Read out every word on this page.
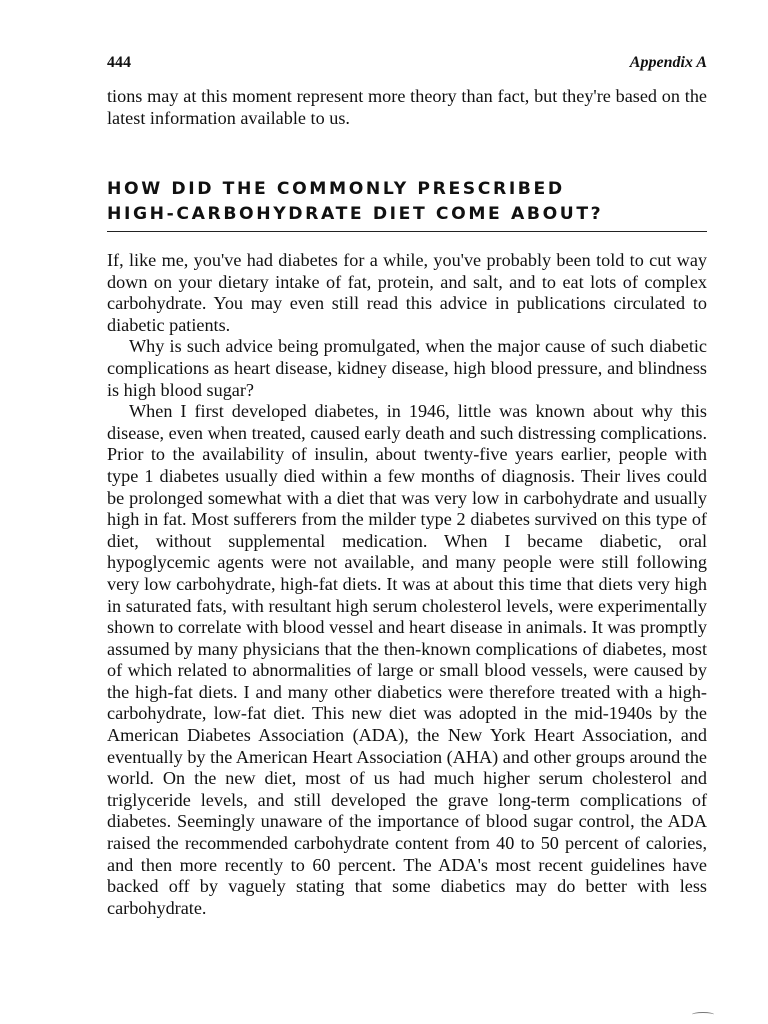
444	Appendix A
tions may at this moment represent more theory than fact, but they're based on the latest information available to us.
HOW DID THE COMMONLY PRESCRIBED
HIGH-CARBOHYDRATE DIET COME ABOUT?

If, like me, you've had diabetes for a while, you've probably been told to cut way down on your dietary intake of fat, protein, and salt, and to eat lots of complex carbohydrate. You may even still read this advice in publications circulated to diabetic patients.

Why is such advice being promulgated, when the major cause of such diabetic complications as heart disease, kidney disease, high blood pressure, and blindness is high blood sugar?

When I first developed diabetes, in 1946, little was known about why this disease, even when treated, caused early death and such distressing complications. Prior to the availability of insulin, about twenty-five years earlier, people with type 1 diabetes usually died within a few months of diagnosis. Their lives could be prolonged somewhat with a diet that was very low in carbohydrate and usually high in fat. Most sufferers from the milder type 2 diabetes survived on this type of diet, without supplemental medication. When I became diabetic, oral hypoglycemic agents were not available, and many people were still following very low carbohydrate, high-fat diets. It was at about this time that diets very high in saturated fats, with resultant high serum cholesterol levels, were experimentally shown to correlate with blood vessel and heart disease in animals. It was promptly assumed by many physicians that the then-known complications of diabetes, most of which related to abnormalities of large or small blood vessels, were caused by the high-fat diets. I and many other diabetics were therefore treated with a high-carbohydrate, low-fat diet. This new diet was adopted in the mid-1940s by the American Diabetes Association (ADA), the New York Heart Association, and eventually by the American Heart Association (AHA) and other groups around the world. On the new diet, most of us had much higher serum cholesterol and triglyceride levels, and still developed the grave long-term complications of diabetes. Seemingly unaware of the importance of blood sugar control, the ADA raised the recommended carbohydrate content from 40 to 50 percent of calories, and then more recently to 60 percent. The ADA's most recent guidelines have backed off by vaguely stating that some diabetics may do better with less carbohydrate.
